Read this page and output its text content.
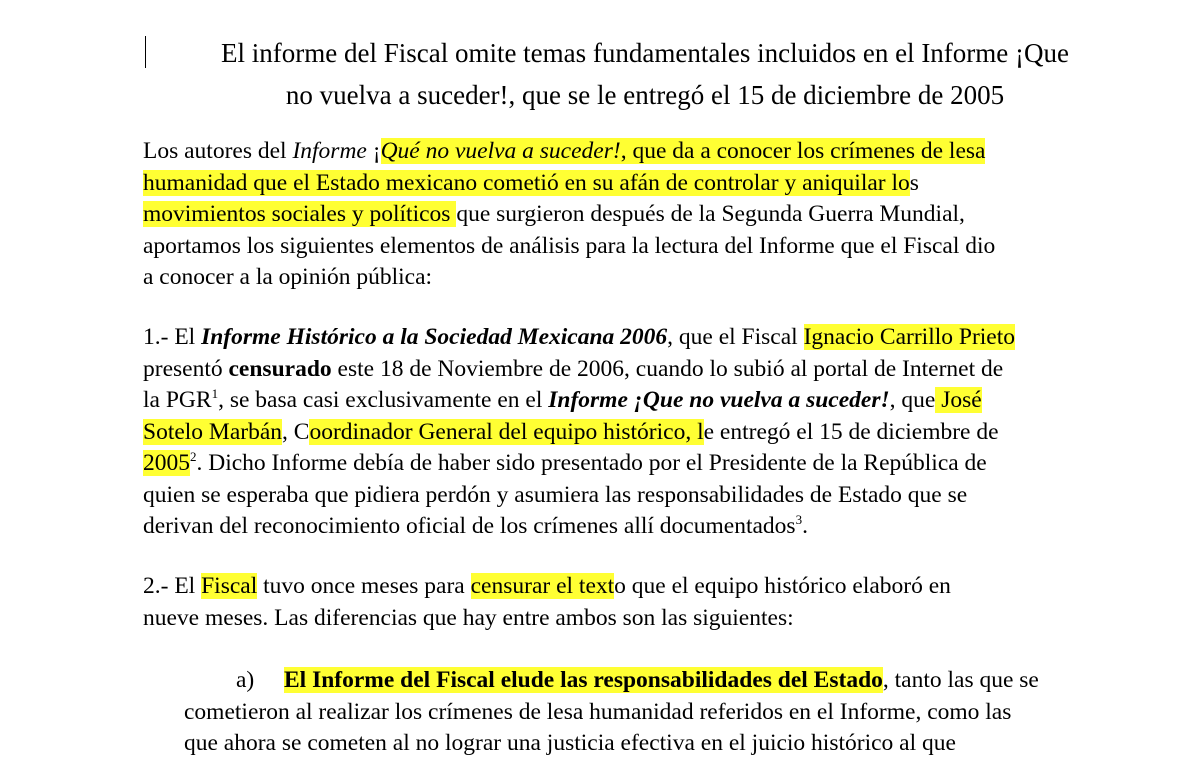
El informe del Fiscal omite temas fundamentales incluidos en el Informe ¡Que
no vuelva a suceder!, que se le entregó el 15 de diciembre de 2005

Los autores del Informe ¡Qué no vuelva a suceder!, que da a conocer los crímenes de lesa
humanidad que el Estado mexicano cometió en su afán de controlar y aniquilar los
movimientos sociales y políticos que surgieron después de la Segunda Guerra Mundial,
aportamos los siguientes elementos de análisis para la lectura del Informe que el Fiscal dio
a conocer a la opinión pública:

1.- El Informe Histórico a la Sociedad Mexicana 2006, que el Fiscal Ignacio Carrillo Prieto
presentó censurado este 18 de Noviembre de 2006, cuando lo subió al portal de Internet de
la PGR$^1$, se basa casi exclusivamente en el Informe ¡Que no vuelva a suceder!, que José
Sotelo Marbán, Coordinador General del equipo histórico, le entregó el 15 de diciembre de
2005$^2$. Dicho Informe debía de haber sido presentado por el Presidente de la República de
quien se esperaba que pidiera perdón y asumiera las responsabilidades de Estado que se
derivan del reconocimiento oficial de los crímenes allí documentados$^3$.

2.- El Fiscal tuvo once meses para censurar el texto que el equipo histórico elaboró en
nueve meses. Las diferencias que hay entre ambos son las siguientes:

a) El Informe del Fiscal elude las responsabilidades del Estado, tanto las que se
cometieron al realizar los crímenes de lesa humanidad referidos en el Informe, como las
que ahora se cometen al no lograr una justicia efectiva en el juicio histórico al que
